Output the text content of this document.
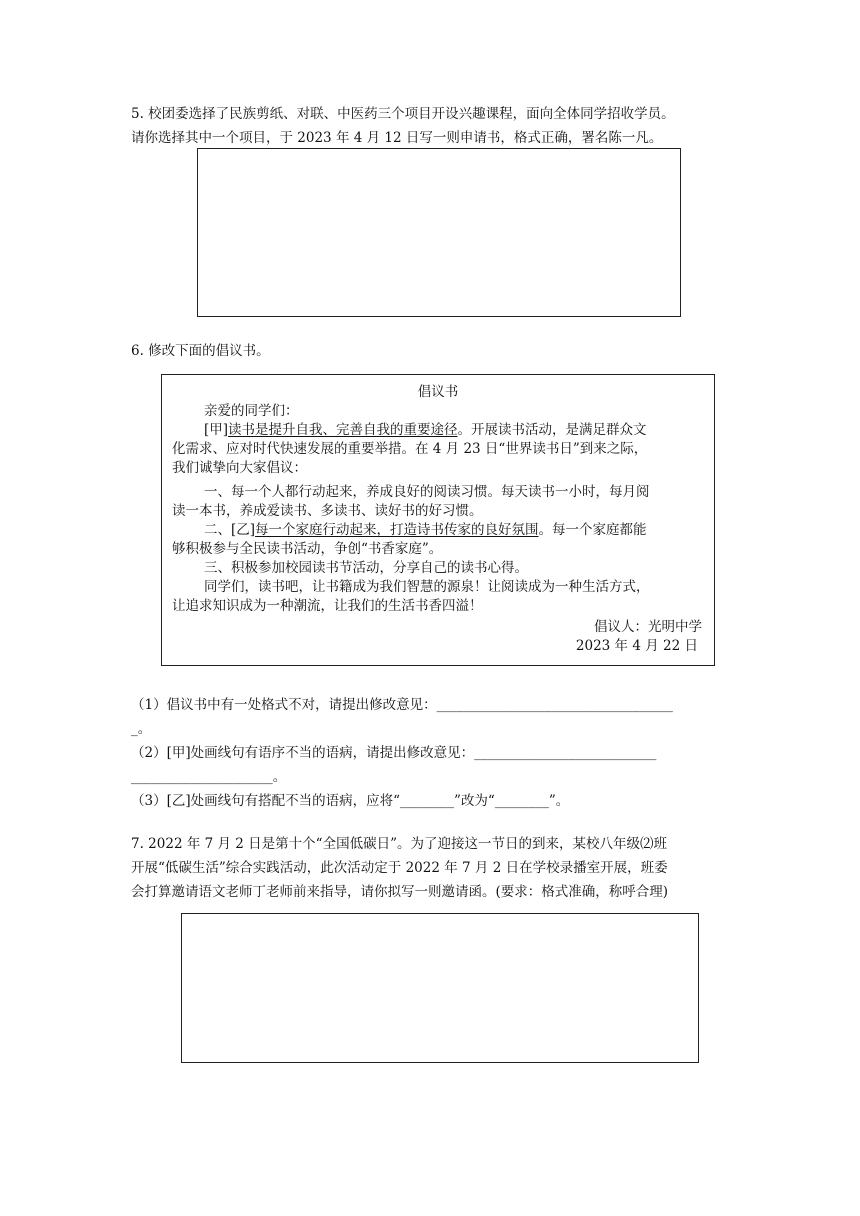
5. 校团委选择了民族剪纸、对联、中医药三个项目开设兴趣课程，面向全体同学招收学员。
请你选择其中一个项目，于 2023 年 4 月 12 日写一则申请书，格式正确，署名陈一凡。
6. 修改下面的倡议书。
倡议书
亲爱的同学们：
[甲]读书是提升自我、完善自我的重要途径。开展读书活动，是满足群众文
化需求、应对时代快速发展的重要举措。在 4 月 23 日“世界读书日”到来之际，
我们诚挚向大家倡议：
一、每一个人都行动起来，养成良好的阅读习惯。每天读书一小时，每月阅
读一本书，养成爱读书、多读书、读好书的好习惯。
二、[乙]每一个家庭行动起来，打造诗书传家的良好氛围。每一个家庭都能
够积极参与全民读书活动，争创“书香家庭”。
三、积极参加校园读书节活动，分享自己的读书心得。
同学们，读书吧，让书籍成为我们智慧的源泉！让阅读成为一种生活方式，
让追求知识成为一种潮流，让我们的生活书香四溢！
倡议人：光明中学
2023 年 4 月 22 日
（1）倡议书中有一处格式不对，请提出修改意见：___________________________________
_。
（2）[甲]处画线句有语序不当的语病，请提出修改意见：___________________________
_____________________。
（3）[乙]处画线句有搭配不当的语病，应将“________”改为“________”。
7. 2022 年 7 月 2 日是第十个“全国低碳日”。为了迎接这一节日的到来，某校八年级⑵班
开展“低碳生活”综合实践活动，此次活动定于 2022 年 7 月 2 日在学校录播室开展，班委
会打算邀请语文老师丁老师前来指导，请你拟写一则邀请函。(要求：格式准确，称呼合理)
